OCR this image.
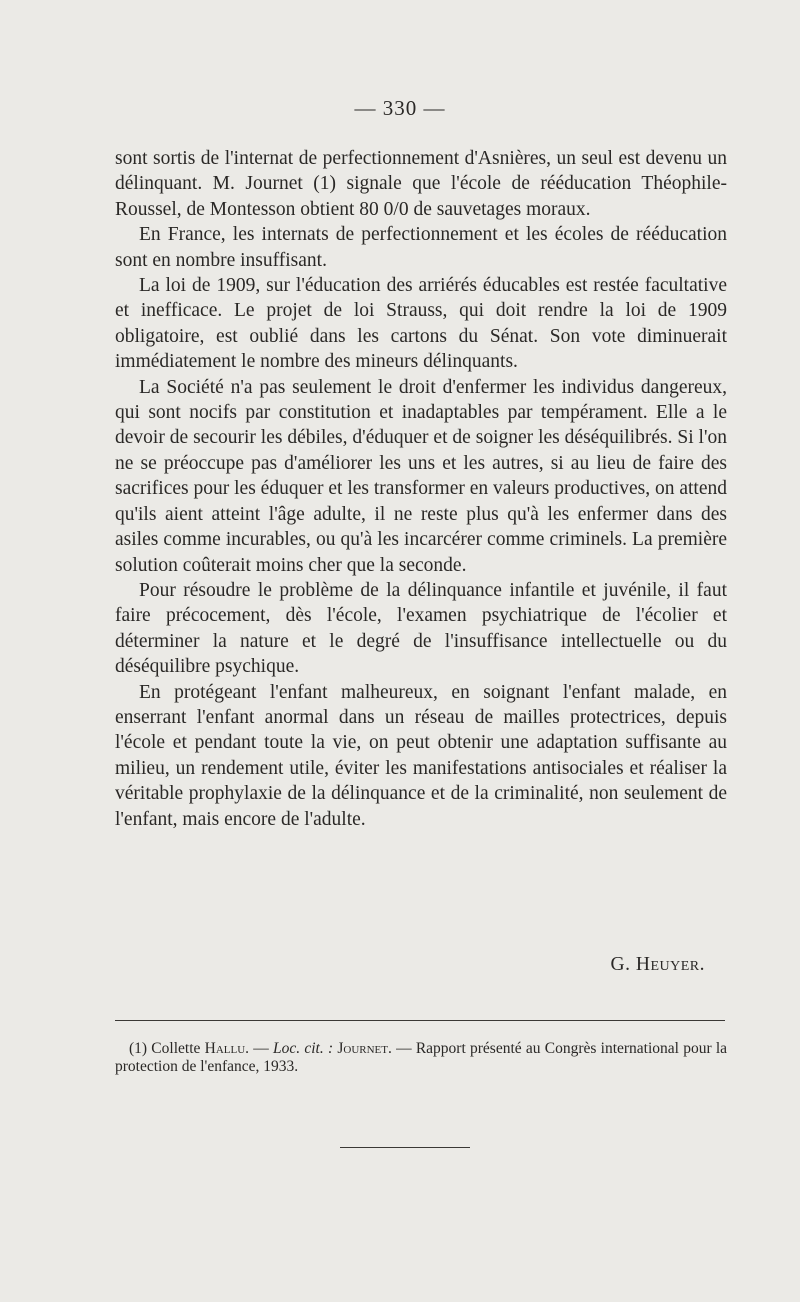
— 330 —

sont sortis de l'internat de perfectionnement d'Asnières, un seul est devenu un délinquant. M. Journet (1) signale que l'école de rééducation Théophile-Roussel, de Montesson obtient 80 0/0 de sauvetages moraux.

En France, les internats de perfectionnement et les écoles de rééducation sont en nombre insuffisant.

La loi de 1909, sur l'éducation des arriérés éducables est restée facultative et inefficace. Le projet de loi Strauss, qui doit rendre la loi de 1909 obligatoire, est oublié dans les cartons du Sénat. Son vote diminuerait immédiatement le nombre des mineurs délinquants.

La Société n'a pas seulement le droit d'enfermer les individus dangereux, qui sont nocifs par constitution et inadaptables par tempérament. Elle a le devoir de secourir les débiles, d'éduquer et de soigner les déséquilibrés. Si l'on ne se préoccupe pas d'améliorer les uns et les autres, si au lieu de faire des sacrifices pour les éduquer et les transformer en valeurs productives, on attend qu'ils aient atteint l'âge adulte, il ne reste plus qu'à les enfermer dans des asiles comme incurables, ou qu'à les incarcérer comme criminels. La première solution coûterait moins cher que la seconde.

Pour résoudre le problème de la délinquance infantile et juvénile, il faut faire précocement, dès l'école, l'examen psychiatrique de l'écolier et déterminer la nature et le degré de l'insuffisance intellectuelle ou du déséquilibre psychique.

En protégeant l'enfant malheureux, en soignant l'enfant malade, en enserrant l'enfant anormal dans un réseau de mailles protectrices, depuis l'école et pendant toute la vie, on peut obtenir une adaptation suffisante au milieu, un rendement utile, éviter les manifestations antisociales et réaliser la véritable prophylaxie de la délinquance et de la criminalité, non seulement de l'enfant, mais encore de l'adulte.

G. Heuyer.

(1) Collette Hallu. — Loc. cit. : Journet. — Rapport présenté au Congrès international pour la protection de l'enfance, 1933.
